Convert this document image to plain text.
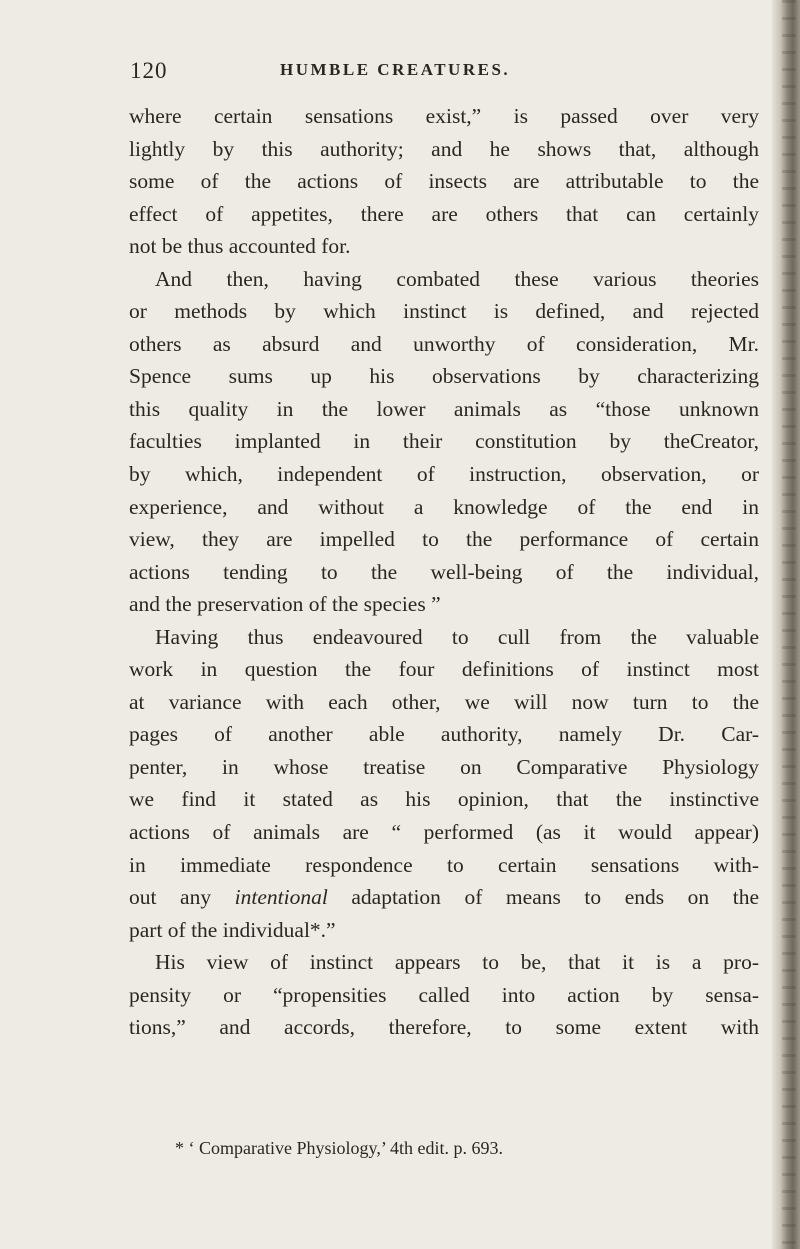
120	HUMBLE CREATURES.
where certain sensations exist,” is passed over very
lightly by this authority; and he shows that, although
some of the actions of insects are attributable to the
effect of appetites, there are others that can certainly
not be thus accounted for.
And then, having combated these various theories
or methods by which instinct is defined, and rejected
others as absurd and unworthy of consideration, Mr.
Spence sums up his observations by characterizing
this quality in the lower animals as “those unknown
faculties implanted in their constitution by theCreator,
by which, independent of instruction, observation, or
experience, and without a knowledge of the end in
view, they are impelled to the performance of certain
actions tending to the well-being of the individual,
and the preservation of the species ”
Having thus endeavoured to cull from the valuable
work in question the four definitions of instinct most
at variance with each other, we will now turn to the
pages of another able authority, namely Dr. Car-
penter, in whose treatise on Comparative Physiology
we find it stated as his opinion, that the instinctive
actions of animals are “ performed (as it would appear)
in immediate respondence to certain sensations with-
out any intentional adaptation of means to ends on the
part of the individual*.”
His view of instinct appears to be, that it is a pro-
pensity or “propensities called into action by sensa-
tions,” and accords, therefore, to some extent with
* ‘ Comparative Physiology,’ 4th edit. p. 693.
